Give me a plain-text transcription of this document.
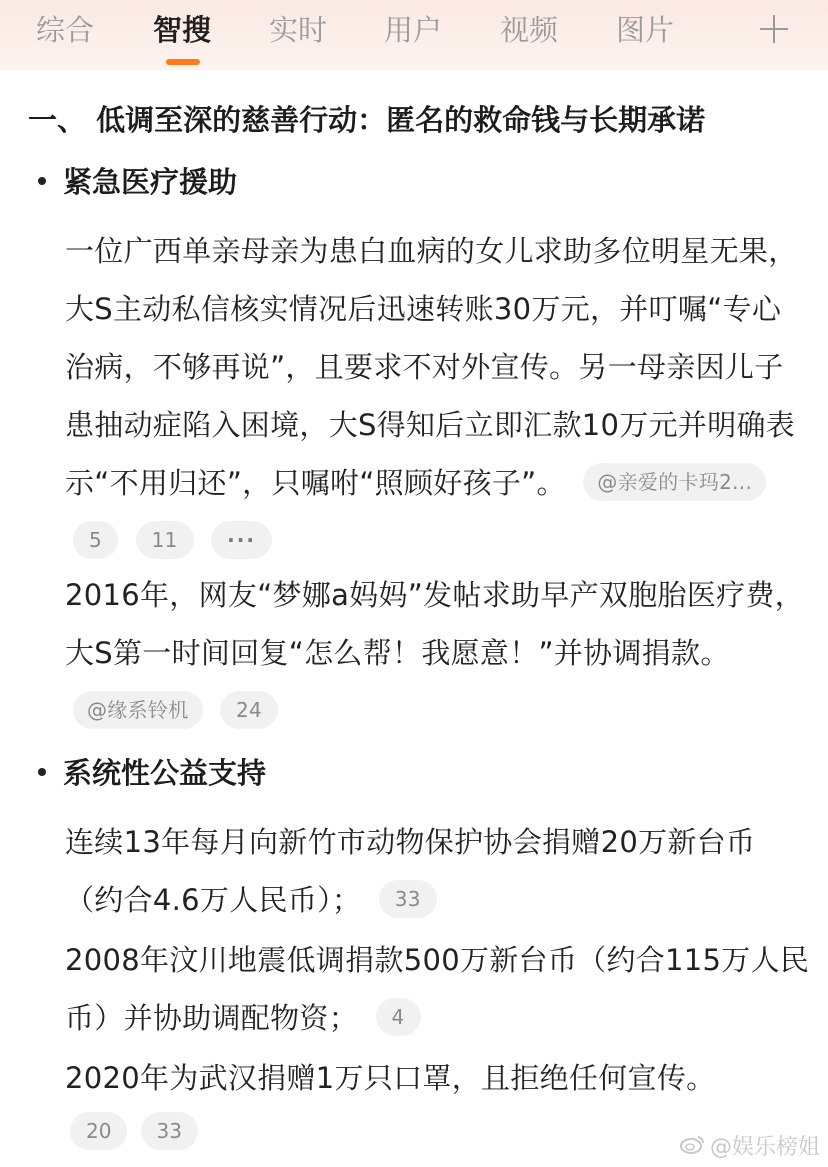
综合 智搜 实时 用户 视频 图片
一、 低调至深的慈善行动：匿名的救命钱与长期承诺
紧急医疗援助
一位广西单亲母亲为患白血病的女儿求助多位明星无果，大S主动私信核实情况后迅速转账30万元，并叮嘱“专心治病，不够再说”，且要求不对外宣传。另一母亲因儿子患抽动症陷入困境，大S得知后立即汇款10万元并明确表示“不用归还”，只嘱咐“照顾好孩子”。 @亲爱的卡玛2... 5 11 ···
2016年，网友“梦娜a妈妈”发帖求助早产双胞胎医疗费，大S第一时间回复“怎么帮！我愿意！”并协调捐款。 @缘系铃机 24
系统性公益支持
连续13年每月向新竹市动物保护协会捐赠20万新台币（约合4.6万人民币）； 33
2008年汶川地震低调捐款500万新台币（约合115万人民币）并协助调配物资； 4
2020年为武汉捐赠1万只口罩，且拒绝任何宣传。
20 33
@娱乐榜姐
